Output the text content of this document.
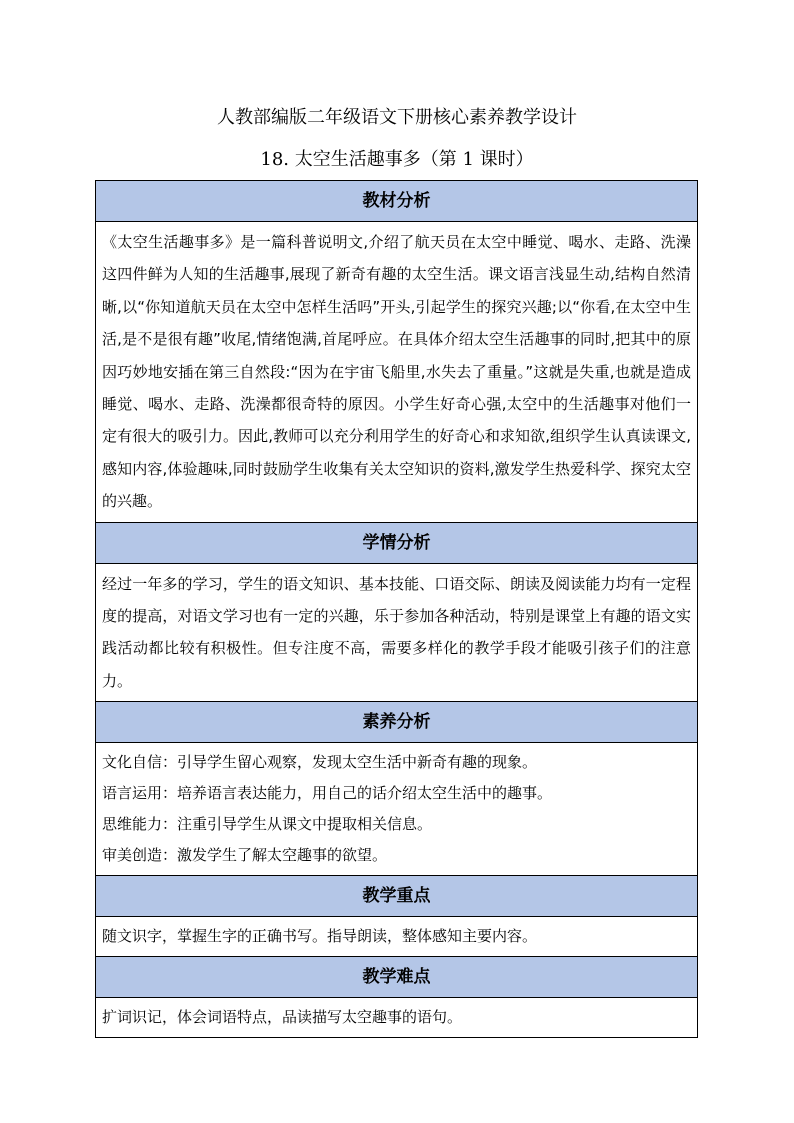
人教部编版二年级语文下册核心素养教学设计
18. 太空生活趣事多（第 1 课时）
教材分析

《太空生活趣事多》是一篇科普说明文,介绍了航天员在太空中睡觉、喝水、走路、洗澡这四件鲜为人知的生活趣事,展现了新奇有趣的太空生活。课文语言浅显生动,结构自然清晰,以“你知道航天员在太空中怎样生活吗”开头,引起学生的探究兴趣;以“你看,在太空中生活,是不是很有趣”收尾,情绪饱满,首尾呼应。在具体介绍太空生活趣事的同时,把其中的原因巧妙地安插在第三自然段:“因为在宇宙飞船里,水失去了重量。”这就是失重,也就是造成睡觉、喝水、走路、洗澡都很奇特的原因。小学生好奇心强,太空中的生活趣事对他们一定有很大的吸引力。因此,教师可以充分利用学生的好奇心和求知欲,组织学生认真读课文,感知内容,体验趣味,同时鼓励学生收集有关太空知识的资料,激发学生热爱科学、探究太空的兴趣。

学情分析

经过一年多的学习，学生的语文知识、基本技能、口语交际、朗读及阅读能力均有一定程度的提高，对语文学习也有一定的兴趣，乐于参加各种活动，特别是课堂上有趣的语文实践活动都比较有积极性。但专注度不高，需要多样化的教学手段才能吸引孩子们的注意力。

素养分析

文化自信：引导学生留心观察，发现太空生活中新奇有趣的现象。

语言运用：培养语言表达能力，用自己的话介绍太空生活中的趣事。

思维能力：注重引导学生从课文中提取相关信息。

审美创造：激发学生了解太空趣事的欲望。

教学重点

随文识字，掌握生字的正确书写。指导朗读，整体感知主要内容。

教学难点

扩词识记，体会词语特点，品读描写太空趣事的语句。
